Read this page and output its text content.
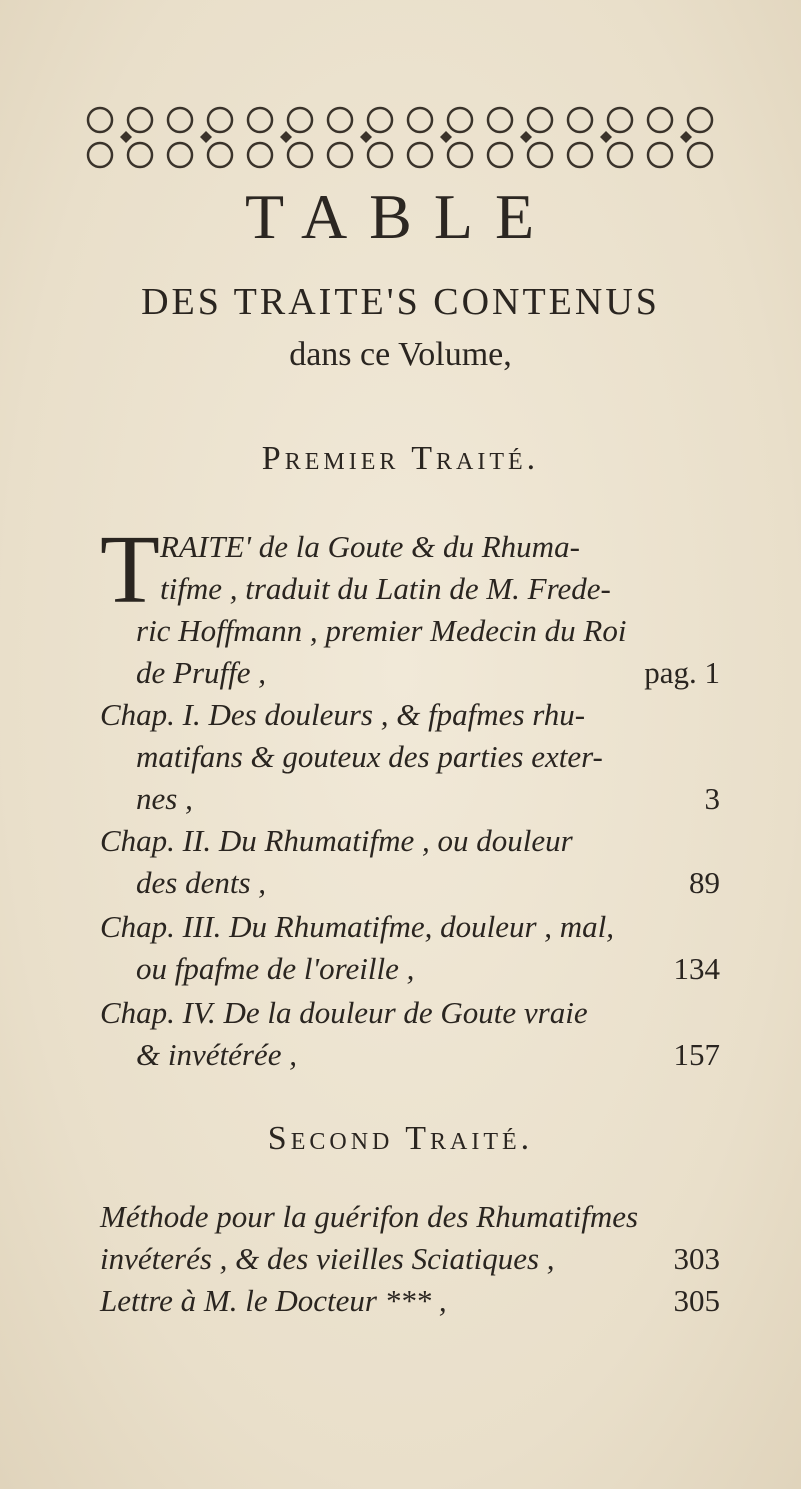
TABLE
DES TRAITE'S CONTENUS
dans ce Volume,
Premier Traité.
T RAITE' de la Goute & du Rhuma-
tifme , traduit du Latin de M. Frede-
ric Hoffmann , premier Medecin du Roi
de Pruffe ,	pag. 1
Chap. I. Des douleurs , & fpafmes rhu-
matifans & gouteux des parties exter-
nes ,	3
Chap. II. Du Rhumatifme , ou douleur
des dents ,	89
Chap. III. Du Rhumatifme, douleur , mal,
ou fpafme de l'oreille ,	134
Chap. IV. De la douleur de Goute vraie
& invétérée ,	157
Second Traité.
Méthode pour la guérifon des Rhumatifmes
invéterés , & des vieilles Sciatiques ,	303
Lettre à M. le Docteur *** ,	305
